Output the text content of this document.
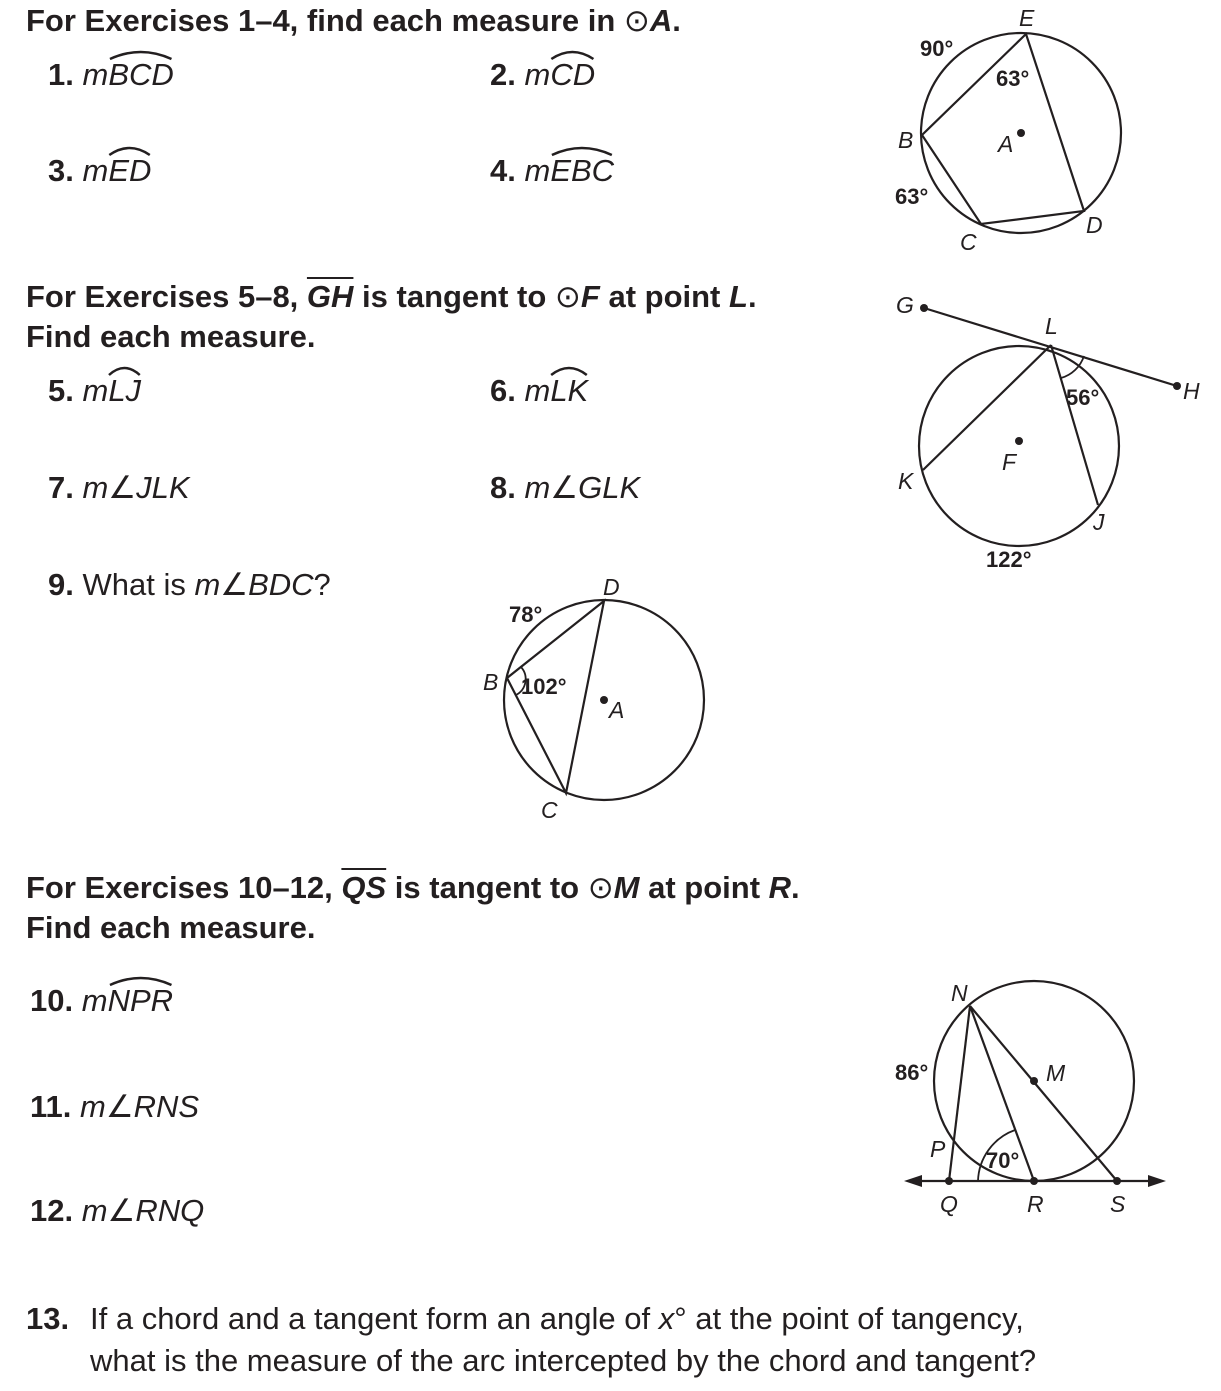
For Exercises 1–4, find each measure in ⊙A.
1. m
BCD	2. m
CD
3. m
ED	4. m
EBC
E
B
C
D
A
90°
63°
63°
For Exercises 5–8, $\overline{GH}$ is tangent to ⊙F at point L.
Find each measure.
5. m
LJ	6. m
LK
7. m∠JLK	8. m∠GLK
G
L
H
K
F
J
56°
122°
9. What is m∠BDC?	D
B
C
A
78°
102°
For Exercises 10–12, $\overline{QS}$ is tangent to ⊙M at point R.
Find each measure.
10. m
NPR
11. m∠RNS
12. m∠RNQ
N
M
P
Q	R	S
86°
70°
13. If a chord and a tangent form an angle of x° at the point of tangency,
what is the measure of the arc intercepted by the chord and tangent?
